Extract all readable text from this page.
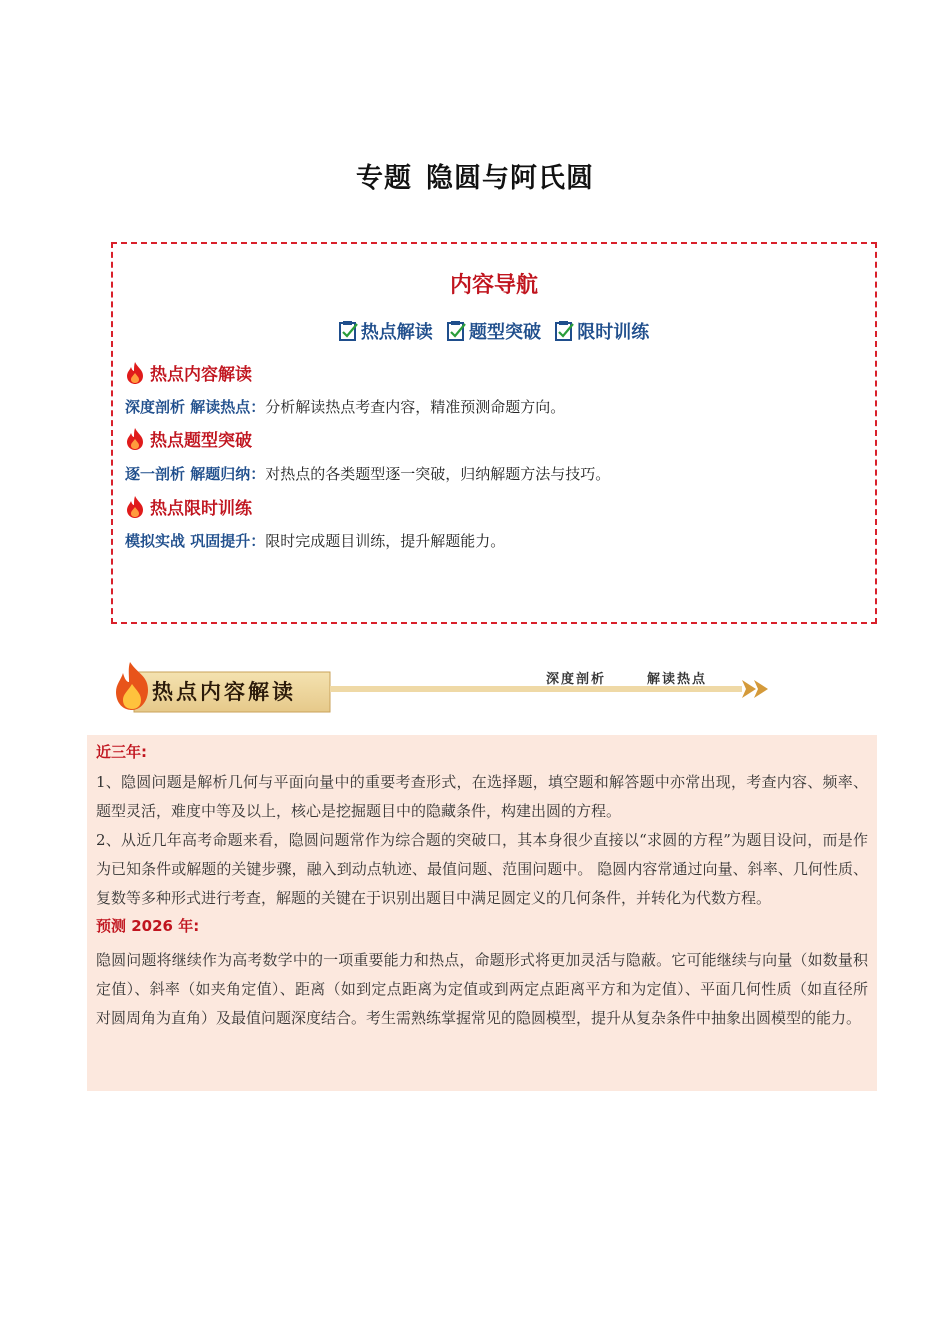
专题 隐圆与阿氏圆
内容导航
热点解读
题型突破
限时训练
热点内容解读
深度剖析 解读热点：分析解读热点考查内容，精准预测命题方向。
热点题型突破
逐一剖析 解题归纳：对热点的各类题型逐一突破，归纳解题方法与技巧。
热点限时训练
模拟实战 巩固提升：限时完成题目训练，提升解题能力。
热点内容解读	深度剖析	解读热点
近三年:
1、隐圆问题是解析几何与平面向量中的重要考查形式，在选择题，填空题和解答题中亦常出现，考查内容、频率、题型灵活，难度中等及以上，核心是挖掘题目中的隐藏条件，构建出圆的方程。
2、从近几年高考命题来看，隐圆问题常作为综合题的突破口，其本身很少直接以“求圆的方程”为题目设问，而是作为已知条件或解题的关键步骤，融入到动点轨迹、最值问题、范围问题中。 隐圆内容常通过向量、斜率、几何性质、复数等多种形式进行考查，解题的关键在于识别出题目中满足圆定义的几何条件，并转化为代数方程。
预测 2026 年:
隐圆问题将继续作为高考数学中的一项重要能力和热点，命题形式将更加灵活与隐蔽。它可能继续与向量（如数量积定值）、斜率（如夹角定值）、距离（如到定点距离为定值或到两定点距离平方和为定值）、平面几何性质（如直径所对圆周角为直角）及最值问题深度结合。考生需熟练掌握常见的隐圆模型，提升从复杂条件中抽象出圆模型的能力。
